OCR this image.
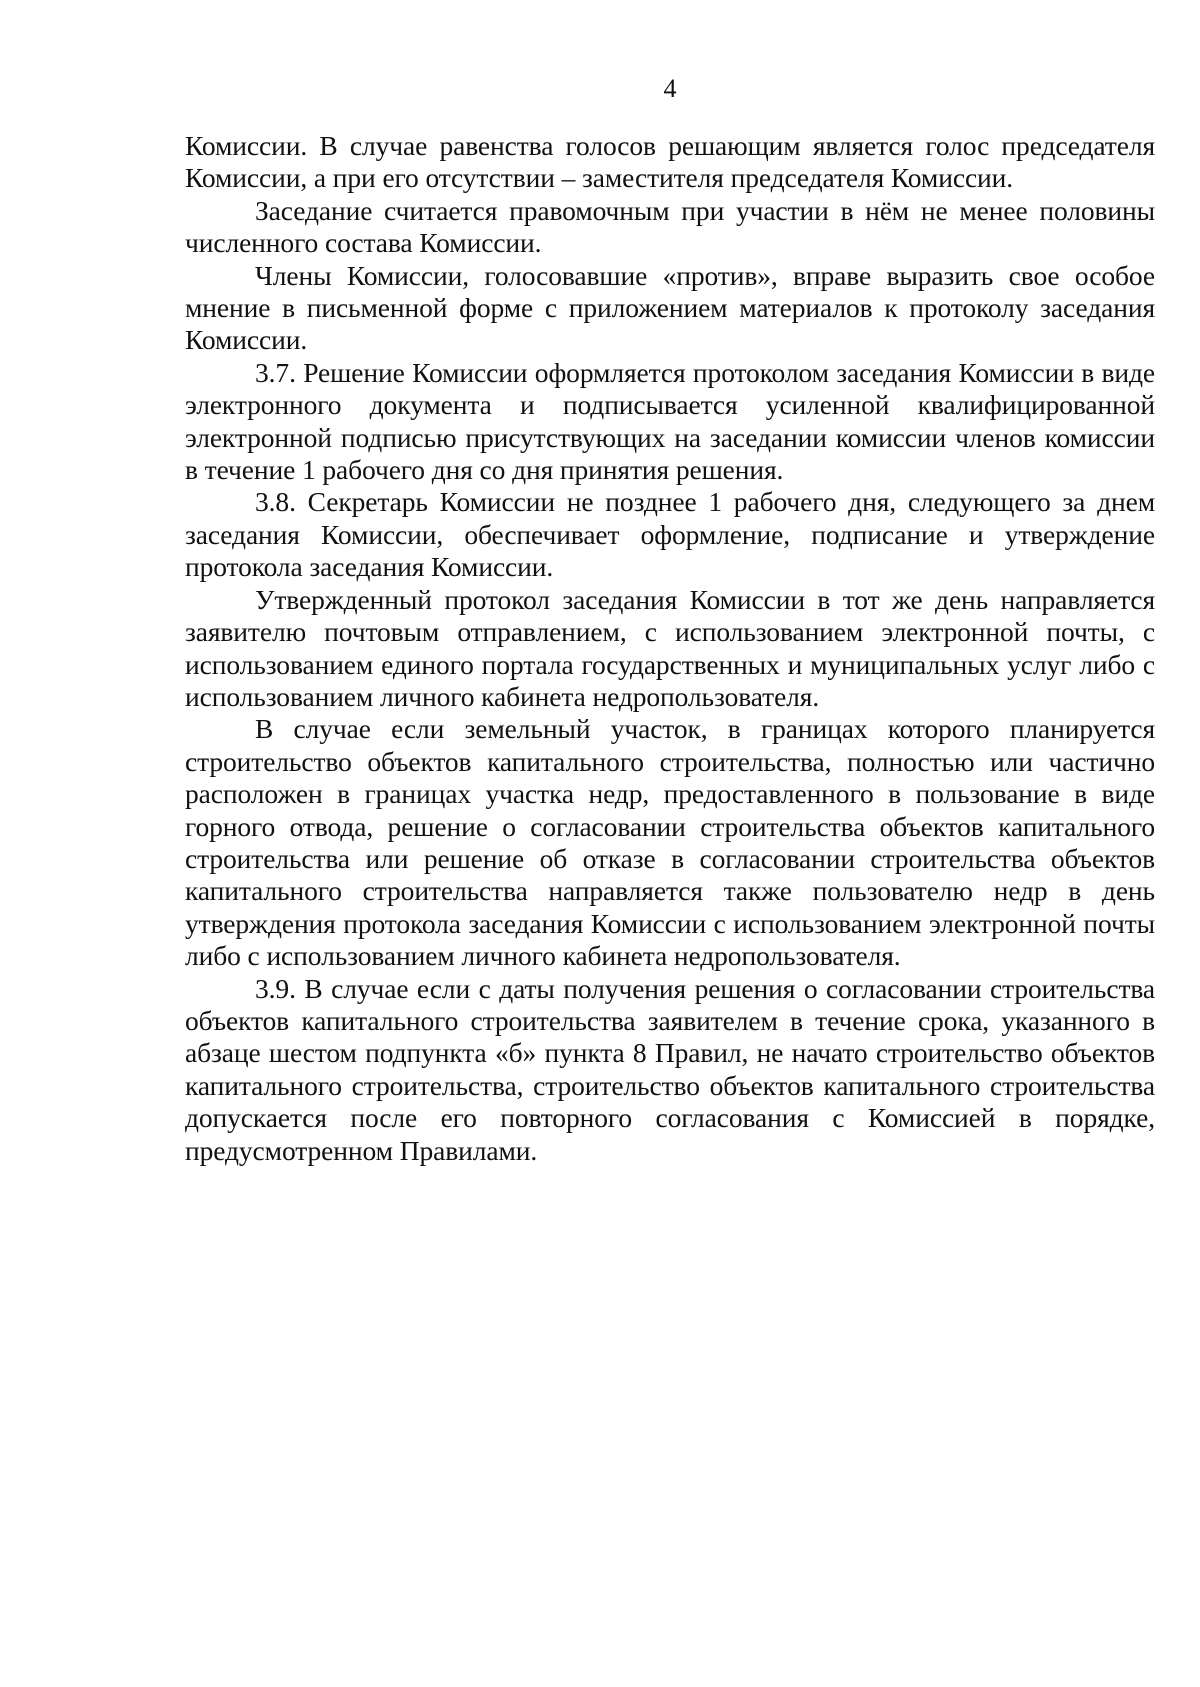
4

Комиссии. В случае равенства голосов решающим является голос председателя Комиссии, а при его отсутствии – заместителя председателя Комиссии.

Заседание считается правомочным при участии в нём не менее половины численного состава Комиссии.

Члены Комиссии, голосовавшие «против», вправе выразить свое особое мнение в письменной форме с приложением материалов к протоколу заседания Комиссии.

3.7. Решение Комиссии оформляется протоколом заседания Комиссии в виде электронного документа и подписывается усиленной квалифицированной электронной подписью присутствующих на заседании комиссии членов комиссии в течение 1 рабочего дня со дня принятия решения.

3.8. Секретарь Комиссии не позднее 1 рабочего дня, следующего за днем заседания Комиссии, обеспечивает оформление, подписание и утверждение протокола заседания Комиссии.

Утвержденный протокол заседания Комиссии в тот же день направляется заявителю почтовым отправлением, с использованием электронной почты, с использованием единого портала государственных и муниципальных услуг либо с использованием личного кабинета недропользователя.

В случае если земельный участок, в границах которого планируется строительство объектов капитального строительства, полностью или частично расположен в границах участка недр, предоставленного в пользование в виде горного отвода, решение о согласовании строительства объектов капитального строительства или решение об отказе в согласовании строительства объектов капитального строительства направляется также пользователю недр в день утверждения протокола заседания Комиссии с использованием электронной почты либо с использованием личного кабинета недропользователя.

3.9. В случае если с даты получения решения о согласовании строительства объектов капитального строительства заявителем в течение срока, указанного в абзаце шестом подпункта «б» пункта 8 Правил, не начато строительство объектов капитального строительства, строительство объектов капитального строительства допускается после его повторного согласования с Комиссией в порядке, предусмотренном Правилами.
